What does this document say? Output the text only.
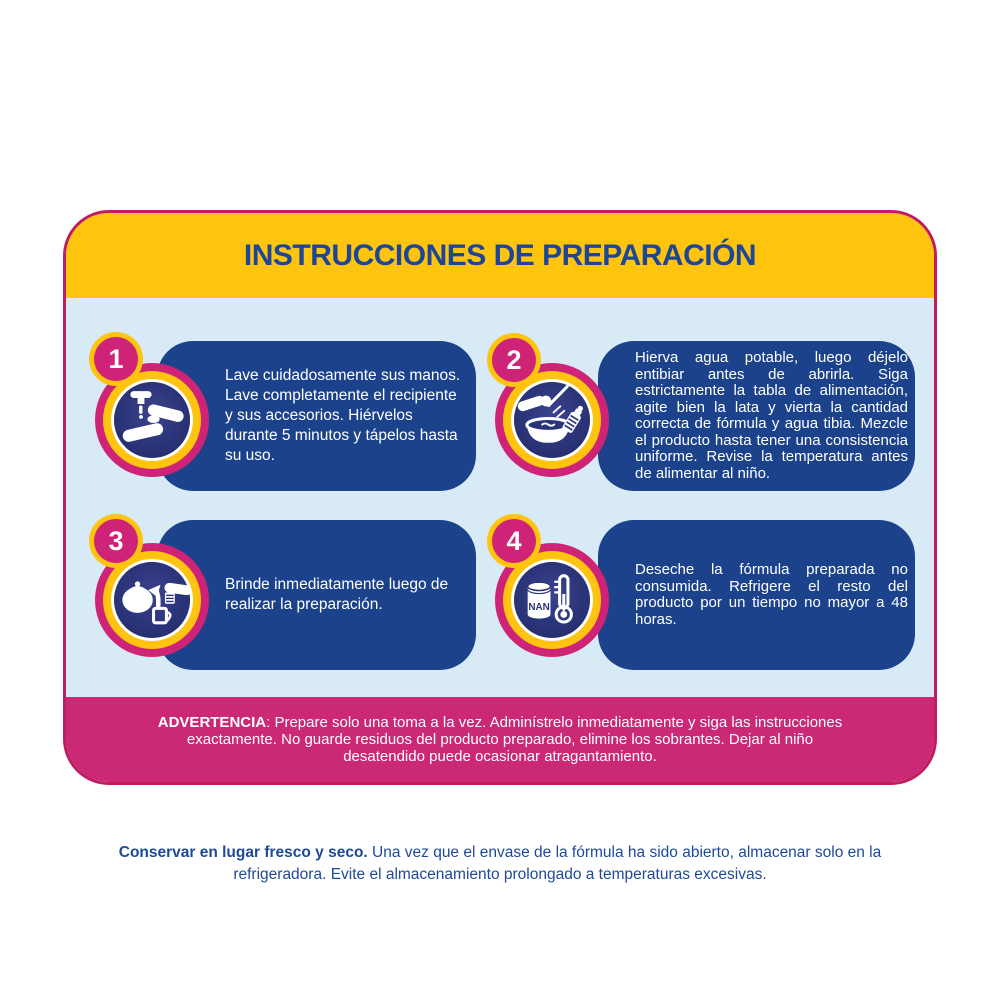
INSTRUCCIONES DE PREPARACIÓN

Lave cuidadosamente sus manos. Lave completamente el recipiente y sus accesorios. Hiérvelos durante 5 minutos y tápelos hasta su uso.

Hierva agua potable, luego déjelo entibiar antes de abrirla. Siga estrictamente la tabla de alimentación, agite bien la lata y vierta la cantidad correcta de fórmula y agua tibia. Mezcle el producto hasta tener una consistencia uniforme. Revise la temperatura antes de alimentar al niño.

Brinde inmediatamente luego de realizar la preparación.

Deseche la fórmula preparada no consumida. Refrigere el resto del producto por un tiempo no mayor a 48 horas.

NAN
1	2
3	4

ADVERTENCIA: Prepare solo una toma a la vez. Adminístrelo inmediatamente y siga las instrucciones exactamente. No guarde residuos del producto preparado, elimine los sobrantes. Dejar al niño desatendido puede ocasionar atragantamiento.

Conservar en lugar fresco y seco. Una vez que el envase de la fórmula ha sido abierto, almacenar solo en la refrigeradora. Evite el almacenamiento prolongado a temperaturas excesivas.
